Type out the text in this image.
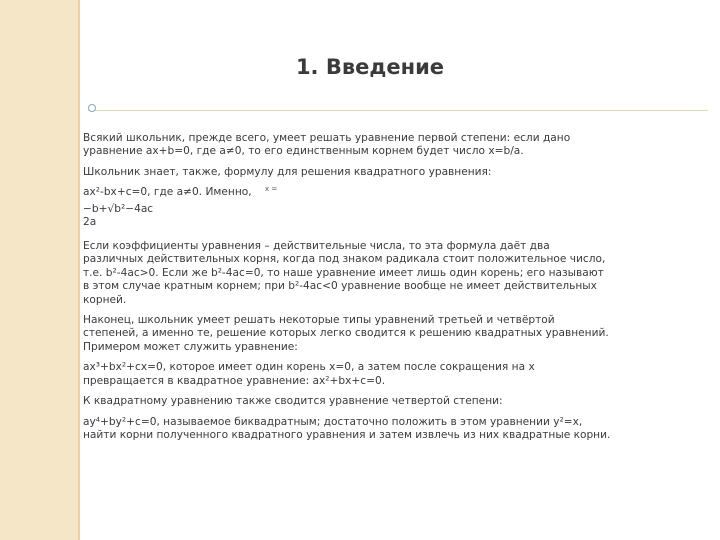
1. Введение

Всякий школьник, прежде всего, умеет решать уравнение первой степени: если дано уравнение ax+b=0, где a≠0, то его единственным корнем будет число x=b/a.

Школьник знает, также, формулу для решения квадратного уравнения:

ax²-bx+c=0, где a≠0. Именно, x =

−b+√b²−4ac
2a

Если коэффициенты уравнения – действительные числа, то эта формула даёт два различных действительных корня, когда под знаком радикала стоит положительное число, т.е. b²-4ac>0. Если же b²-4ac=0, то наше уравнение имеет лишь один корень; его называют в этом случае кратным корнем; при b²-4ac<0 уравнение вообще не имеет действительных корней.

Наконец, школьник умеет решать некоторые типы уравнений третьей и четвёртой степеней, а именно те, решение которых легко сводится к решению квадратных уравнений. Примером может служить уравнение:

ax³+bx²+cx=0, которое имеет один корень x=0, а затем после сокращения на x превращается в квадратное уравнение: ax²+bx+c=0.

К квадратному уравнению также сводится уравнение четвертой степени:

ay⁴+by²+c=0, называемое биквадратным; достаточно положить в этом уравнении y²=x, найти корни полученного квадратного уравнения и затем извлечь из них квадратные корни.
